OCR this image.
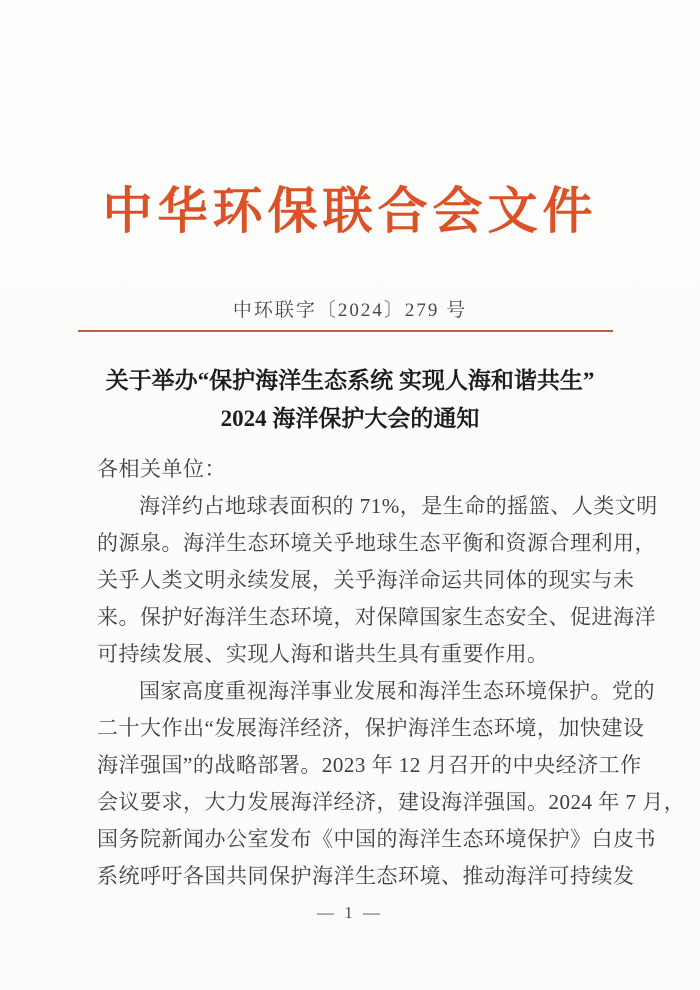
中华环保联合会文件
中环联字〔2024〕279 号
关于举办“保护海洋生态系统 实现人海和谐共生”
2024 海洋保护大会的通知
各相关单位：
海洋约占地球表面积的 71%，是生命的摇篮、人类文明
的源泉。海洋生态环境关乎地球生态平衡和资源合理利用，
关乎人类文明永续发展，关乎海洋命运共同体的现实与未
来。保护好海洋生态环境，对保障国家生态安全、促进海洋
可持续发展、实现人海和谐共生具有重要作用。
国家高度重视海洋事业发展和海洋生态环境保护。党的
二十大作出“发展海洋经济，保护海洋生态环境，加快建设
海洋强国”的战略部署。2023 年 12 月召开的中央经济工作
会议要求，大力发展海洋经济，建设海洋强国。2024 年 7 月，
国务院新闻办公室发布《中国的海洋生态环境保护》白皮书
系统呼吁各国共同保护海洋生态环境、推动海洋可持续发
— 1 —
